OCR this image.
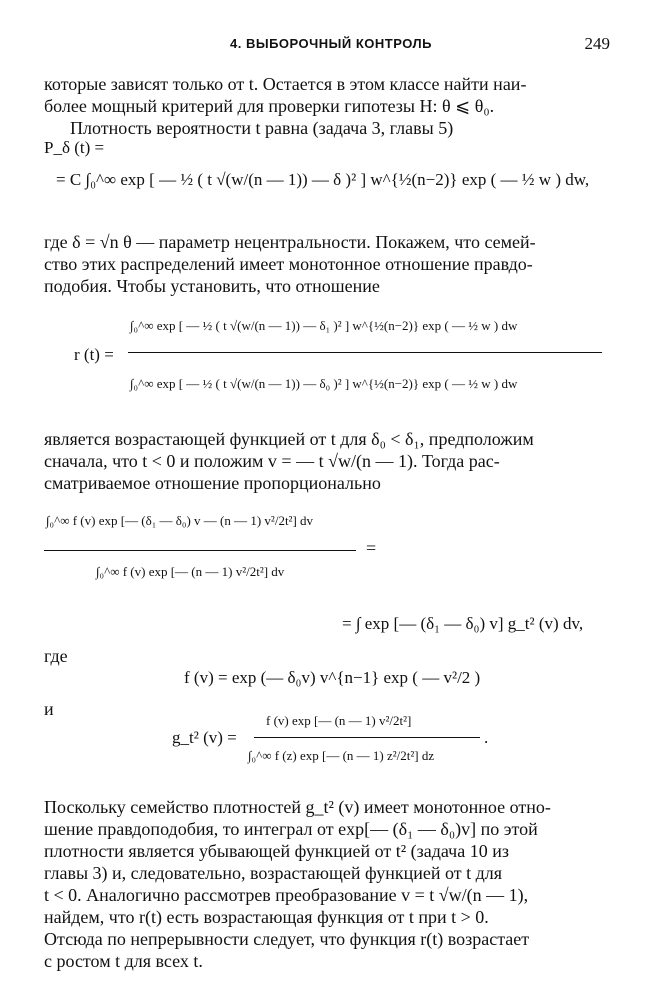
4. ВЫБОРОЧНЫЙ КОНТРОЛЬ	249
которые зависят только от t. Остается в этом классе найти наи-
более мощный критерий для проверки гипотезы H: θ ⩽ θ₀.
Плотность вероятности t равна (задача 3, главы 5)
P_δ (t) =
= C ∫₀^∞ exp [ — ½ ( t √(w/(n — 1)) — δ )² ] w^{½(n−2)} exp ( — ½ w ) dw,
где δ = √n θ — параметр нецентральности. Покажем, что семей-
ство этих распределений имеет монотонное отношение правдо-
подобия. Чтобы установить, что отношение
r (t) =
∫₀^∞ exp [ — ½ ( t √(w/(n — 1)) — δ₁ )² ] w^{½(n−2)} exp ( — ½ w ) dw
∫₀^∞ exp [ — ½ ( t √(w/(n — 1)) — δ₀ )² ] w^{½(n−2)} exp ( — ½ w ) dw
является возрастающей функцией от t для δ₀ < δ₁, предположим
сначала, что t < 0 и положим v = — t √w/(n — 1). Тогда рас-
сматриваемое отношение пропорционально
∫₀^∞ f (v) exp [— (δ₁ — δ₀) v — (n — 1) v²/2t²] dv
=
∫₀^∞ f (v) exp [— (n — 1) v²/2t²] dv
= ∫ exp [— (δ₁ — δ₀) v] g_t² (v) dv,
где
f (v) = exp (— δ₀v) v^{n−1} exp ( — v²/2 )
и
g_t² (v) =
f (v) exp [— (n — 1) v²/2t²]
∫₀^∞ f (z) exp [— (n — 1) z²/2t²] dz
.
Поскольку семейство плотностей g_t² (v) имеет монотонное отно-
шение правдоподобия, то интеграл от exp[— (δ₁ — δ₀)v] по этой
плотности является убывающей функцией от t² (задача 10 из
главы 3) и, следовательно, возрастающей функцией от t для
t < 0. Аналогично рассмотрев преобразование v = t √w/(n — 1),
найдем, что r(t) есть возрастающая функция от t при t > 0.
Отсюда по непрерывности следует, что функция r(t) возрастает
с ростом t для всех t.
